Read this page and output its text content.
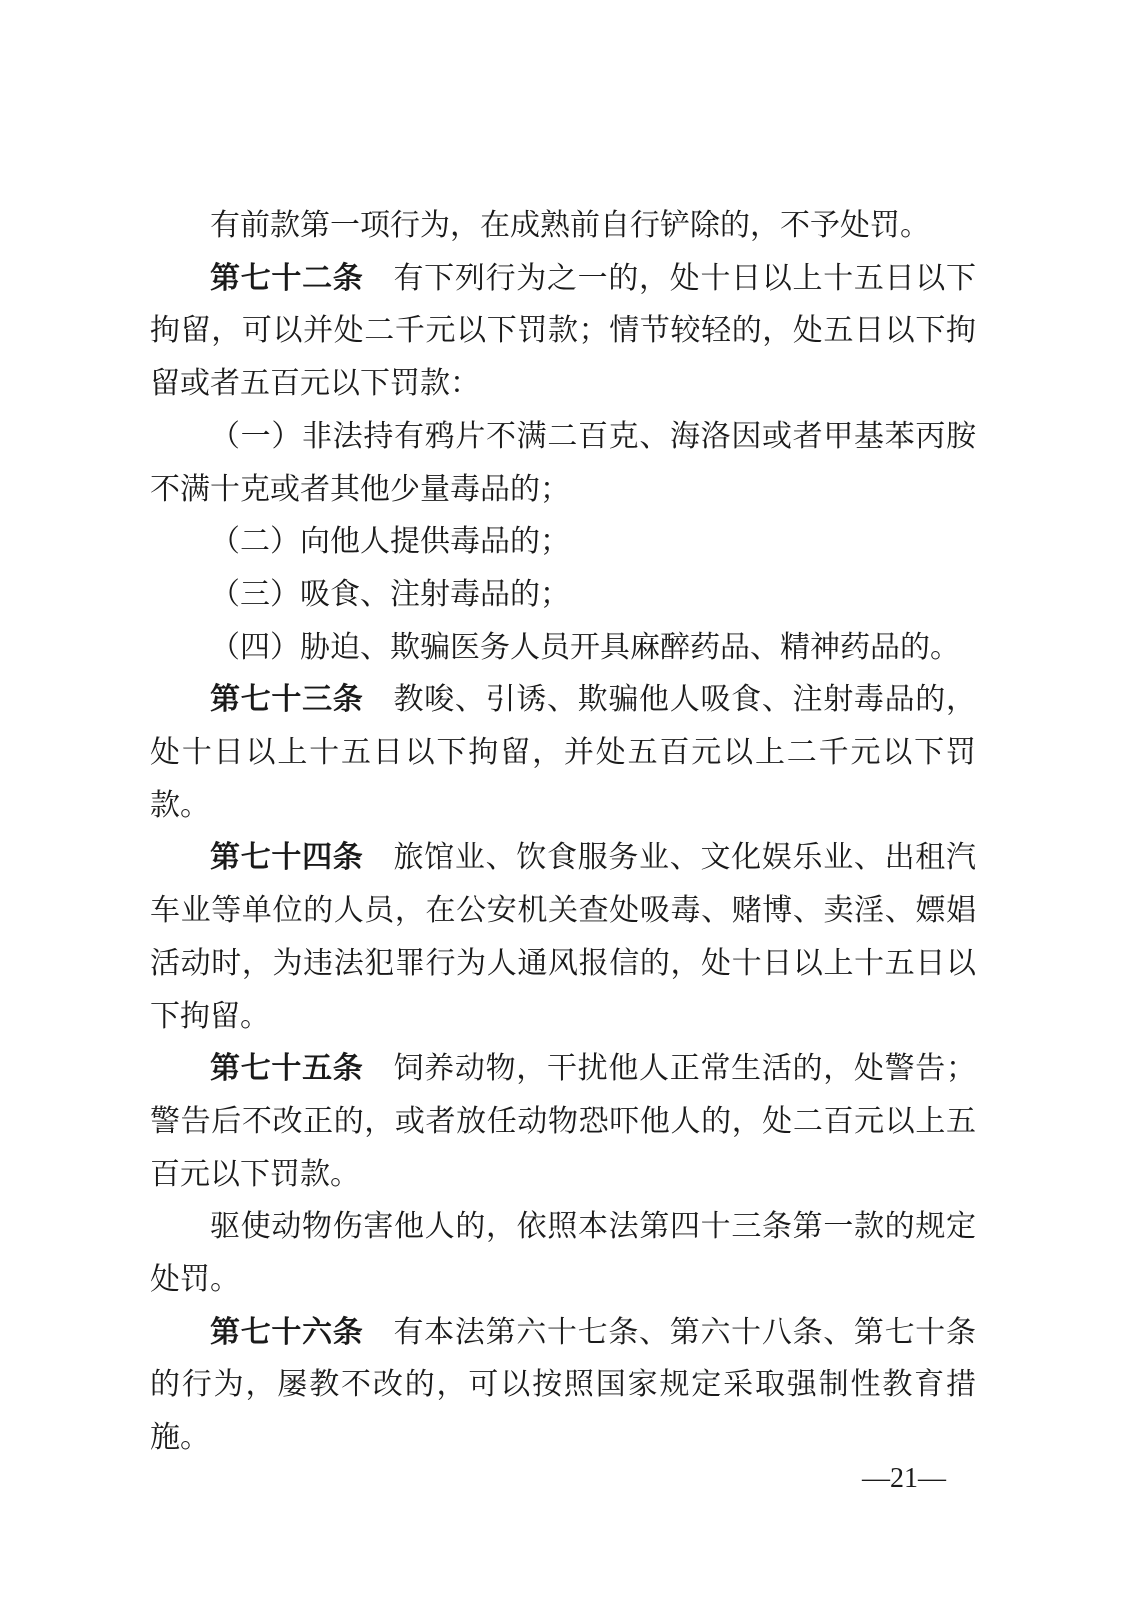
有前款第一项行为，在成熟前自行铲除的，不予处罚。

第七十二条 有下列行为之一的，处十日以上十五日以下拘留，可以并处二千元以下罚款；情节较轻的，处五日以下拘留或者五百元以下罚款：

（一）非法持有鸦片不满二百克、海洛因或者甲基苯丙胺不满十克或者其他少量毒品的；

（二）向他人提供毒品的；

（三）吸食、注射毒品的；

（四）胁迫、欺骗医务人员开具麻醉药品、精神药品的。

第七十三条 教唆、引诱、欺骗他人吸食、注射毒品的，处十日以上十五日以下拘留，并处五百元以上二千元以下罚款。

第七十四条 旅馆业、饮食服务业、文化娱乐业、出租汽车业等单位的人员，在公安机关查处吸毒、赌博、卖淫、嫖娼活动时，为违法犯罪行为人通风报信的，处十日以上十五日以下拘留。

第七十五条 饲养动物，干扰他人正常生活的，处警告；警告后不改正的，或者放任动物恐吓他人的，处二百元以上五百元以下罚款。

驱使动物伤害他人的，依照本法第四十三条第一款的规定处罚。

第七十六条 有本法第六十七条、第六十八条、第七十条的行为，屡教不改的，可以按照国家规定采取强制性教育措施。

—21—
